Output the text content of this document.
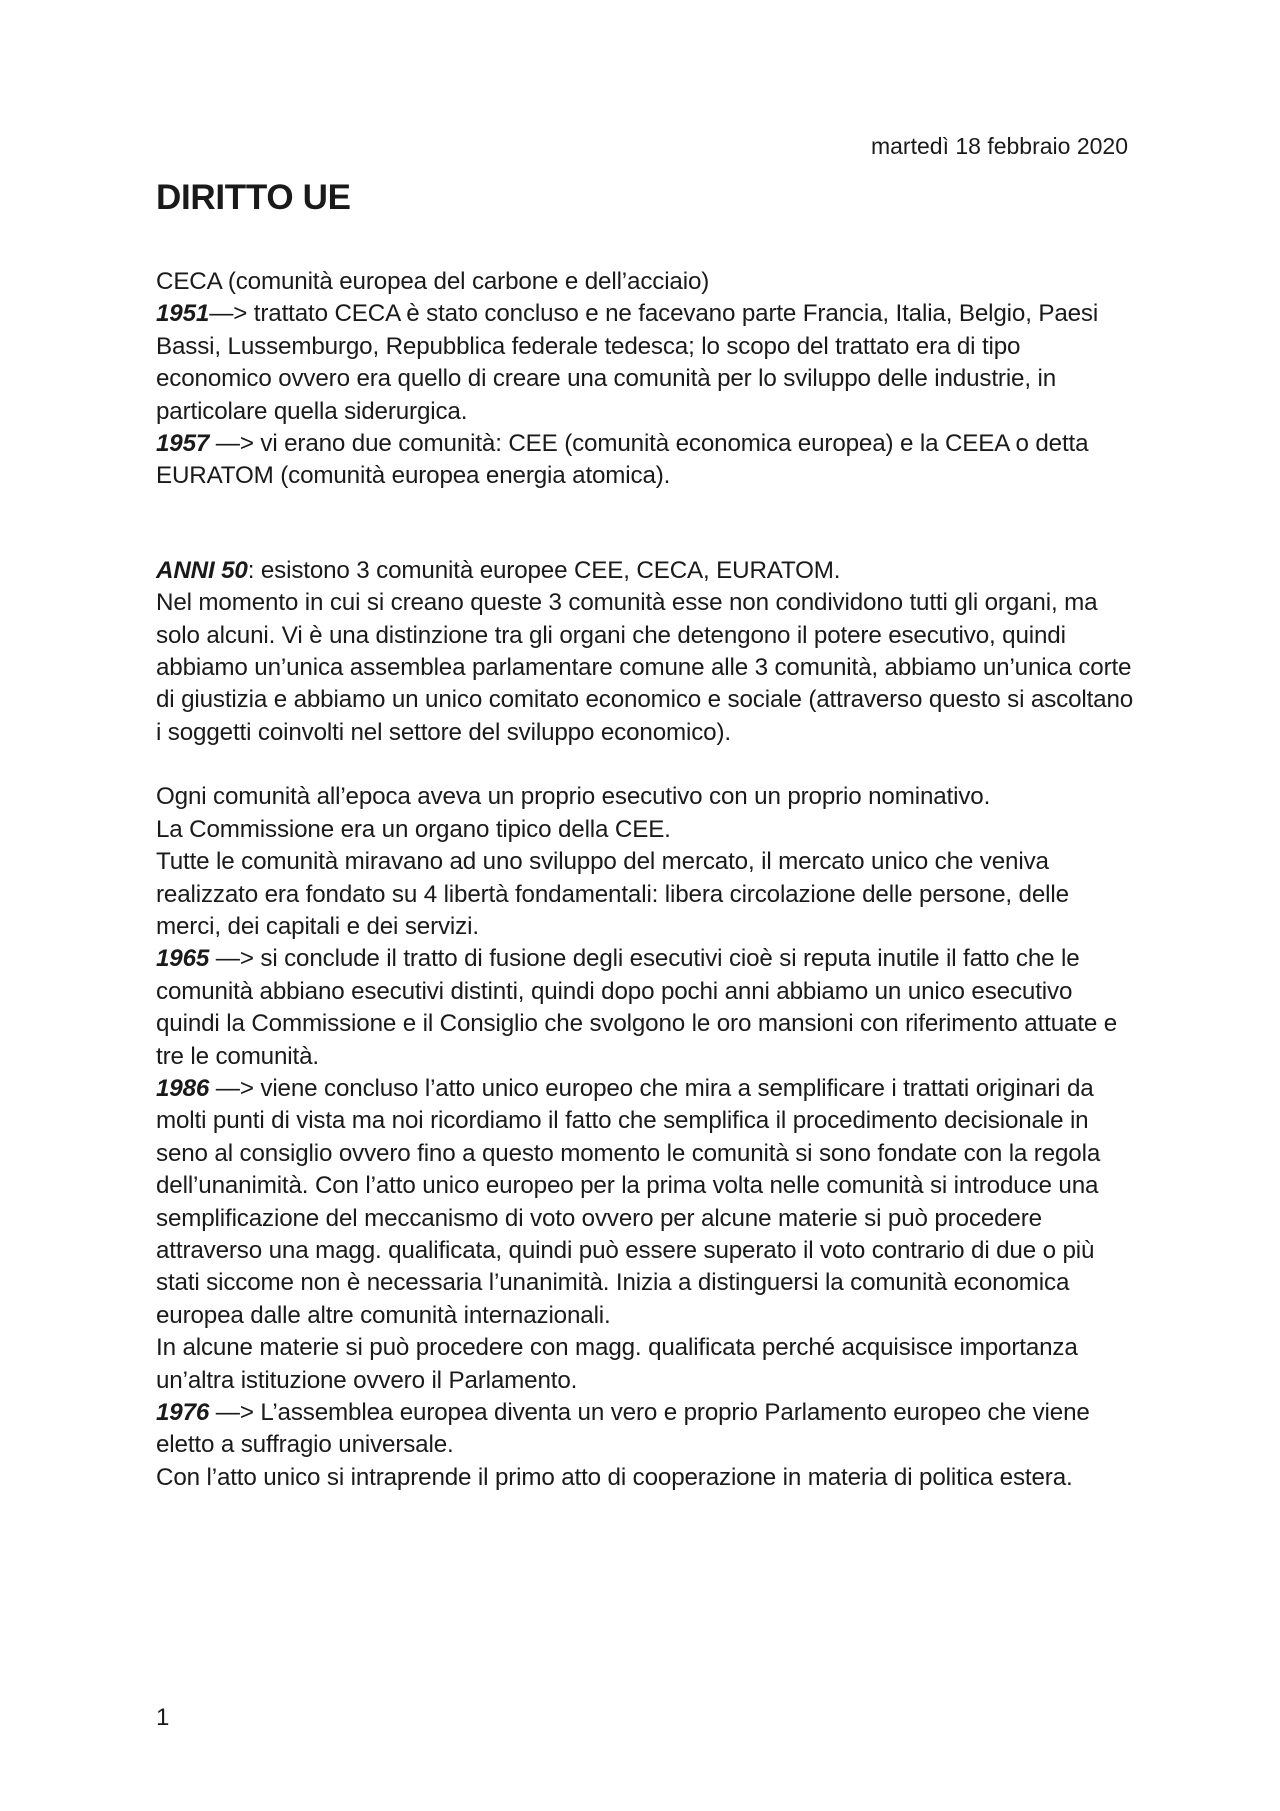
martedì 18 febbraio 2020
DIRITTO UE

CECA (comunità europea del carbone e dell’acciaio)

1951—> trattato CECA è stato concluso e ne facevano parte Francia, Italia, Belgio, Paesi Bassi, Lussemburgo, Repubblica federale tedesca; lo scopo del trattato era di tipo economico ovvero era quello di creare una comunità per lo sviluppo delle industrie, in particolare quella siderurgica.

1957 —> vi erano due comunità: CEE (comunità economica europea) e la CEEA o detta EURATOM (comunità europea energia atomica).

ANNI 50: esistono 3 comunità europee CEE, CECA, EURATOM.

Nel momento in cui si creano queste 3 comunità esse non condividono tutti gli organi, ma solo alcuni. Vi è una distinzione tra gli organi che detengono il potere esecutivo, quindi abbiamo un’unica assemblea parlamentare comune alle 3 comunità, abbiamo un’unica corte di giustizia e abbiamo un unico comitato economico e sociale (attraverso questo si ascoltano i soggetti coinvolti nel settore del sviluppo economico).

Ogni comunità all’epoca aveva un proprio esecutivo con un proprio nominativo.

La Commissione era un organo tipico della CEE.

Tutte le comunità miravano ad uno sviluppo del mercato, il mercato unico che veniva realizzato era fondato su 4 libertà fondamentali: libera circolazione delle persone, delle merci, dei capitali e dei servizi.

1965 —> si conclude il tratto di fusione degli esecutivi cioè si reputa inutile il fatto che le comunità abbiano esecutivi distinti, quindi dopo pochi anni abbiamo un unico esecutivo quindi la Commissione e il Consiglio che svolgono le oro mansioni con riferimento attuate e tre le comunità.

1986 —> viene concluso l’atto unico europeo che mira a semplificare i trattati originari da molti punti di vista ma noi ricordiamo il fatto che semplifica il procedimento decisionale in seno al consiglio ovvero fino a questo momento le comunità si sono fondate con la regola dell’unanimità. Con l’atto unico europeo per la prima volta nelle comunità si introduce una semplificazione del meccanismo di voto ovvero per alcune materie si può procedere attraverso una magg. qualificata, quindi può essere superato il voto contrario di due o più stati siccome non è necessaria l’unanimità. Inizia a distinguersi la comunità economica europea dalle altre comunità internazionali.

In alcune materie si può procedere con magg. qualificata perché acquisisce importanza un’altra istituzione ovvero il Parlamento.

1976 —> L’assemblea europea diventa un vero e proprio Parlamento europeo che viene eletto a suffragio universale.

Con l’atto unico si intraprende il primo atto di cooperazione in materia di politica estera.

1
